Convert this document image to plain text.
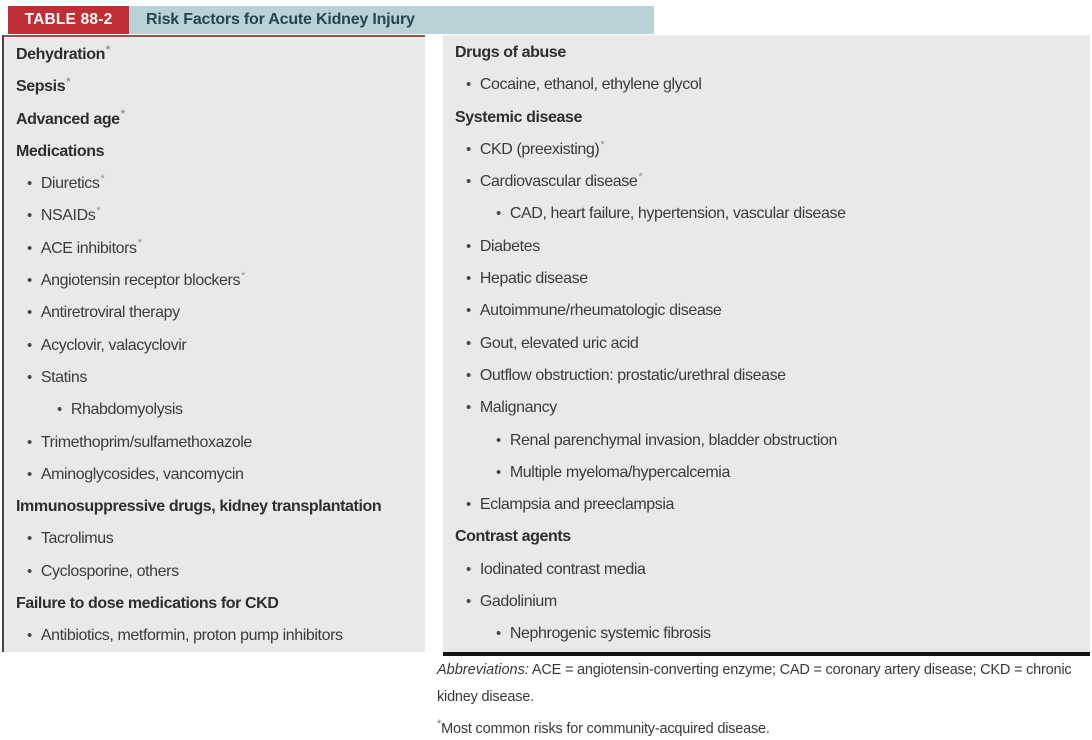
TABLE 88-2	Risk Factors for Acute Kidney Injury
Dehydration*
Sepsis*
Advanced age*
Medications
• Diuretics*
• NSAIDs*
• ACE inhibitors*
• Angiotensin receptor blockers*
• Antiretroviral therapy
• Acyclovir, valacyclovir
• Statins
• Rhabdomyolysis
• Trimethoprim/sulfamethoxazole
• Aminoglycosides, vancomycin
Immunosuppressive drugs, kidney transplantation
• Tacrolimus
• Cyclosporine, others
Failure to dose medications for CKD
• Antibiotics, metformin, proton pump inhibitors
Drugs of abuse
• Cocaine, ethanol, ethylene glycol
Systemic disease
• CKD (preexisting)*
• Cardiovascular disease*
• CAD, heart failure, hypertension, vascular disease
• Diabetes
• Hepatic disease
• Autoimmune/rheumatologic disease
• Gout, elevated uric acid
• Outflow obstruction: prostatic/urethral disease
• Malignancy
• Renal parenchymal invasion, bladder obstruction
• Multiple myeloma/hypercalcemia
• Eclampsia and preeclampsia
Contrast agents
• Iodinated contrast media
• Gadolinium
• Nephrogenic systemic fibrosis

Abbreviations: ACE = angiotensin-converting enzyme; CAD = coronary artery disease; CKD = chronic kidney disease.

*Most common risks for community-acquired disease.
